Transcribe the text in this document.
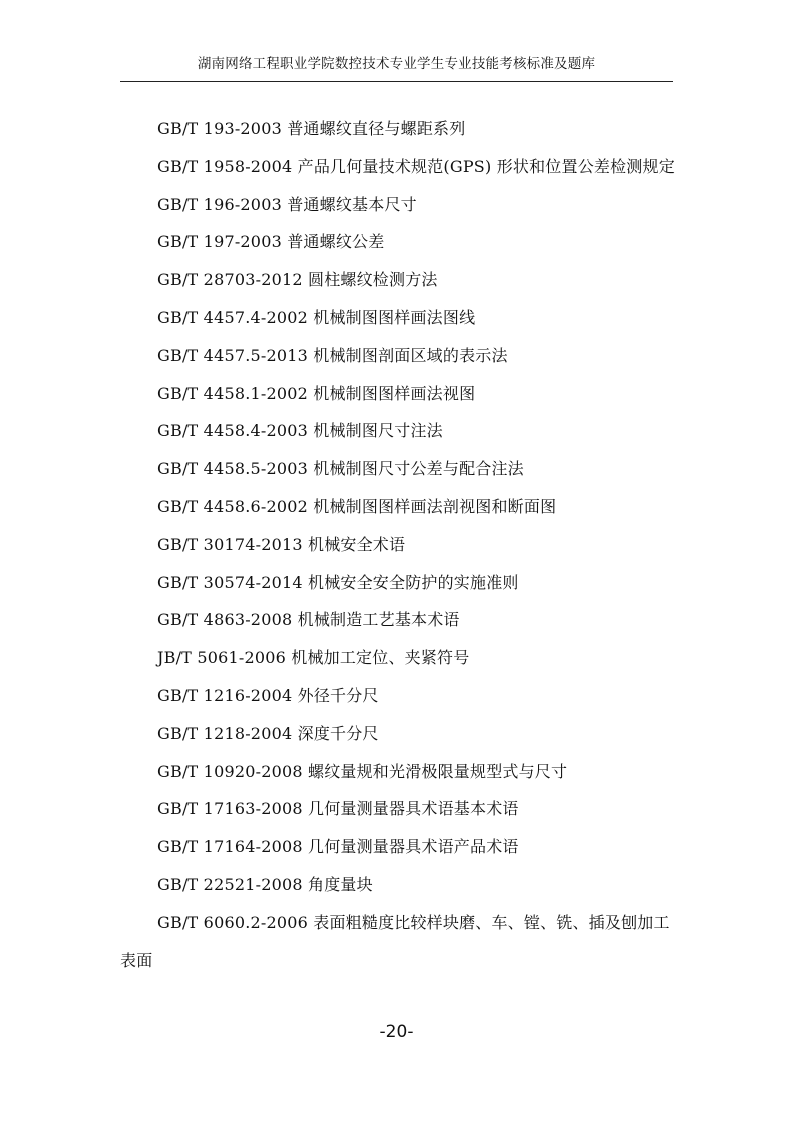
湖南网络工程职业学院数控技术专业学生专业技能考核标准及题库
GB/T 193-2003 普通螺纹直径与螺距系列
GB/T 1958-2004 产品几何量技术规范(GPS) 形状和位置公差检测规定
GB/T 196-2003 普通螺纹基本尺寸
GB/T 197-2003 普通螺纹公差
GB/T 28703-2012 圆柱螺纹检测方法
GB/T 4457.4-2002 机械制图图样画法图线
GB/T 4457.5-2013 机械制图剖面区域的表示法
GB/T 4458.1-2002 机械制图图样画法视图
GB/T 4458.4-2003 机械制图尺寸注法
GB/T 4458.5-2003 机械制图尺寸公差与配合注法
GB/T 4458.6-2002 机械制图图样画法剖视图和断面图
GB/T 30174-2013 机械安全术语
GB/T 30574-2014 机械安全安全防护的实施准则
GB/T 4863-2008 机械制造工艺基本术语
JB/T 5061-2006 机械加工定位、夹紧符号
GB/T 1216-2004 外径千分尺
GB/T 1218-2004 深度千分尺
GB/T 10920-2008 螺纹量规和光滑极限量规型式与尺寸
GB/T 17163-2008 几何量测量器具术语基本术语
GB/T 17164-2008 几何量测量器具术语产品术语
GB/T 22521-2008 角度量块
GB/T 6060.2-2006 表面粗糙度比较样块磨、车、镗、铣、插及刨加工表面
-20-
